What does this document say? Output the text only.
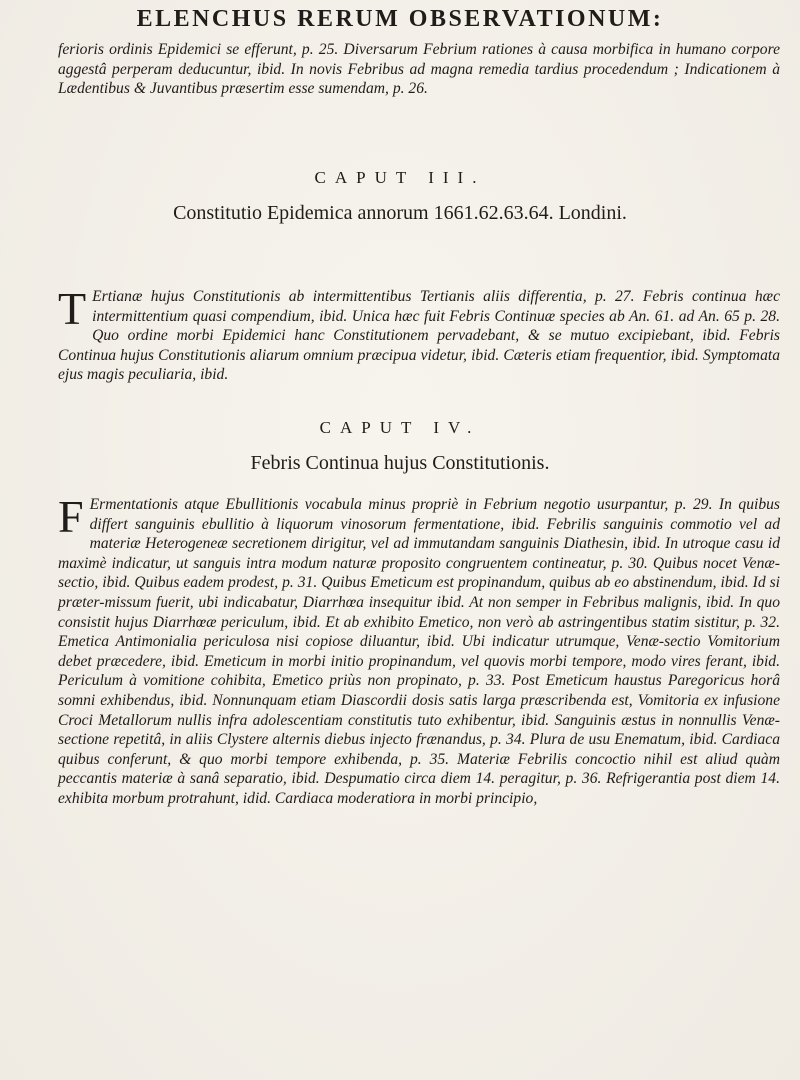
ELENCHUS RERUM OBSERVATIONUM:

ferioris ordinis Epidemici se efferunt, p. 25. Diversarum Febrium rationes à causa morbifica in humano corpore aggestâ perperam deducuntur, ibid. In novis Febribus ad magna remedia tardius procedendum ; Indicationem à Lædentibus & Juvantibus præsertim esse sumendam, p. 26.

CAPUT III.
Constitutio Epidemica annorum 1661.62.63.64. Londini.
T Ertianæ hujus Constitutionis ab intermittentibus Tertianis aliis differentia, p. 27. Febris continua hæc intermittentium quasi compendium, ibid. Unica hæc fuit Febris Continuæ species ab An. 61. ad An. 65 p. 28. Quo ordine morbi Epidemici hanc Constitutionem pervadebant, & se mutuo excipiebant, ibid. Febris Continua hujus Constitutionis aliarum omnium præcipua videtur, ibid. Cæteris etiam frequentior, ibid. Symptomata ejus magis peculiaria, ibid.

CAPUT IV.
Febris Continua hujus Constitutionis.
F Ermentationis atque Ebullitionis vocabula minus propriè in Febrium negotio usurpantur, p. 29. In quibus differt sanguinis ebullitio à liquorum vinosorum fermentatione, ibid. Febrilis sanguinis commotio vel ad materiæ Heterogeneæ secretionem dirigitur, vel ad immutandam sanguinis Diathesin, ibid. In utroque casu id maximè indicatur, ut sanguis intra modum naturæ proposito congruentem contineatur, p. 30. Quibus nocet Venæ-sectio, ibid. Quibus eadem prodest, p. 31. Quibus Emeticum est propinandum, quibus ab eo abstinendum, ibid. Id si præter-missum fuerit, ubi indicabatur, Diarrhœa insequitur ibid. At non semper in Febribus malignis, ibid. In quo consistit hujus Diarrhœæ periculum, ibid. Et ab exhibito Emetico, non verò ab astringentibus statim sistitur, p. 32. Emetica Antimonialia periculosa nisi copiose diluantur, ibid. Ubi indicatur utrumque, Venæ-sectio Vomitorium debet præcedere, ibid. Emeticum in morbi initio propinandum, vel quovis morbi tempore, modo vires ferant, ibid. Periculum à vomitione cohibita, Emetico priùs non propinato, p. 33. Post Emeticum haustus Paregoricus horâ somni exhibendus, ibid. Nonnunquam etiam Diascordii dosis satis larga præscribenda est, Vomitoria ex infusione Croci Metallorum nullis infra adolescentiam constitutis tuto exhibentur, ibid. Sanguinis æstus in nonnullis Venæ-sectione repetitâ, in aliis Clystere alternis diebus injecto frænandus, p. 34. Plura de usu Enematum, ibid. Cardiaca quibus conferunt, & quo morbi tempore exhibenda, p. 35. Materiæ Febrilis concoctio nihil est aliud quàm peccantis materiæ à sanâ separatio, ibid. Despumatio circa diem 14. peragitur, p. 36. Refrigerantia post diem 14. exhibita morbum protrahunt, idid. Cardiaca moderatiora in morbi principio,
